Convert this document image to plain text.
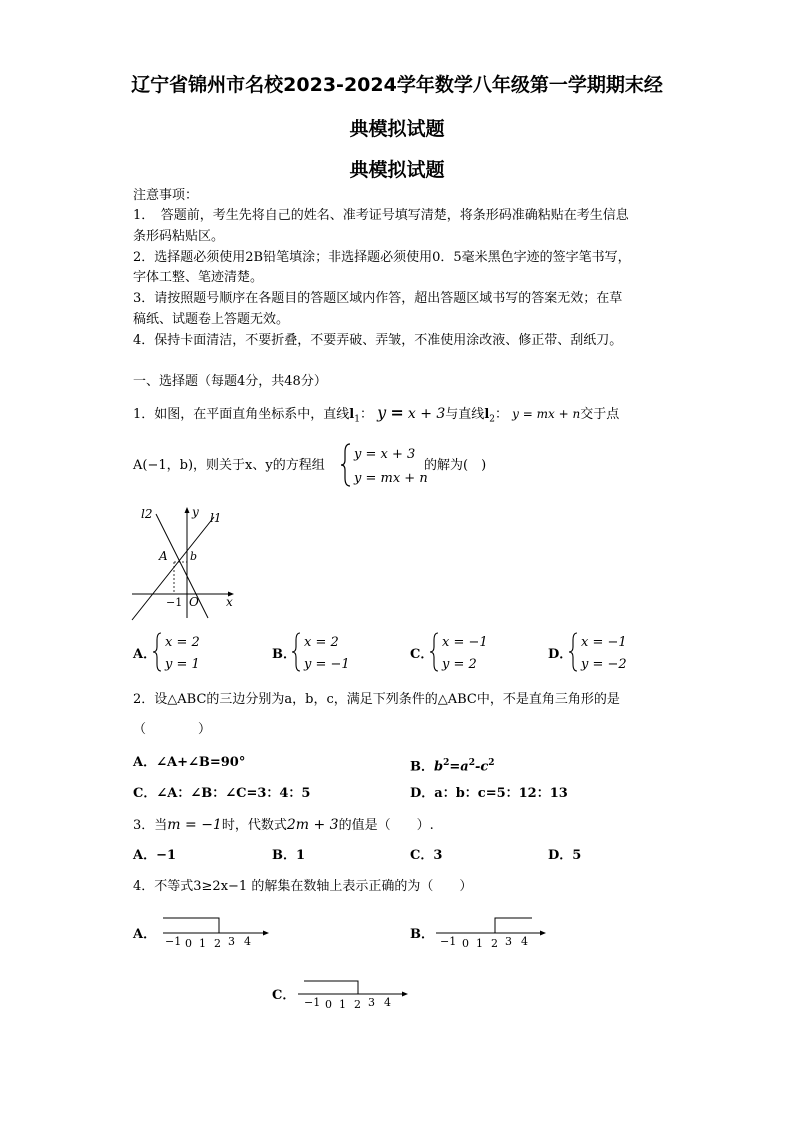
辽宁省锦州市名校2023-2024学年数学八年级第一学期期末经
典模拟试题
典模拟试题
注意事项：
1．　答题前，考生先将自己的姓名、准考证号填写清楚，将条形码准确粘贴在考生信息
条形码粘贴区。
2．选择题必须使用2B铅笔填涂；非选择题必须使用0．5毫米黑色字迹的签字笔书写，
字体工整、笔迹清楚。
3．请按照题号顺序在各题目的答题区域内作答，超出答题区域书写的答案无效；在草
稿纸、试题卷上答题无效。
4．保持卡面清洁，不要折叠，不要弄破、弄皱，不准使用涂改液、修正带、刮纸刀。
一、选择题（每题4分，共48分）
1．如图，在平面直角坐标系中，直线$l_1$： y = x + 3与直线$l_2$： y = mx + n交于点
A(−1，b)，则关于x、y的方程组
y = x + 3
y = mx + n
的解为(　)
l2	l1
y
x
A b
−1 O
A．
x = 2
y = 1
B．
x = 2
y = −1
C．
x = −1
y = 2
D．
x = −1
y = −2
2．设△ABC的三边分别为a，b，c，满足下列条件的△ABC中，不是直角三角形的是
（　　　　）
A．∠A+∠B=90°	B．$b^2=a^2-c^2$
C．∠A：∠B：∠C=3：4：5	D．a：b：c=5：12：13
3．当m = −1时，代数式2m + 3的值是（　　）.
A．−1	B．1	C．3	D．5
4．不等式3≥2x−1 的解集在数轴上表示正确的为（　　）
A． −1 0 1 2 3 4	B． −1 0 1 2 3 4
C． −1 0 1 2 3 4
